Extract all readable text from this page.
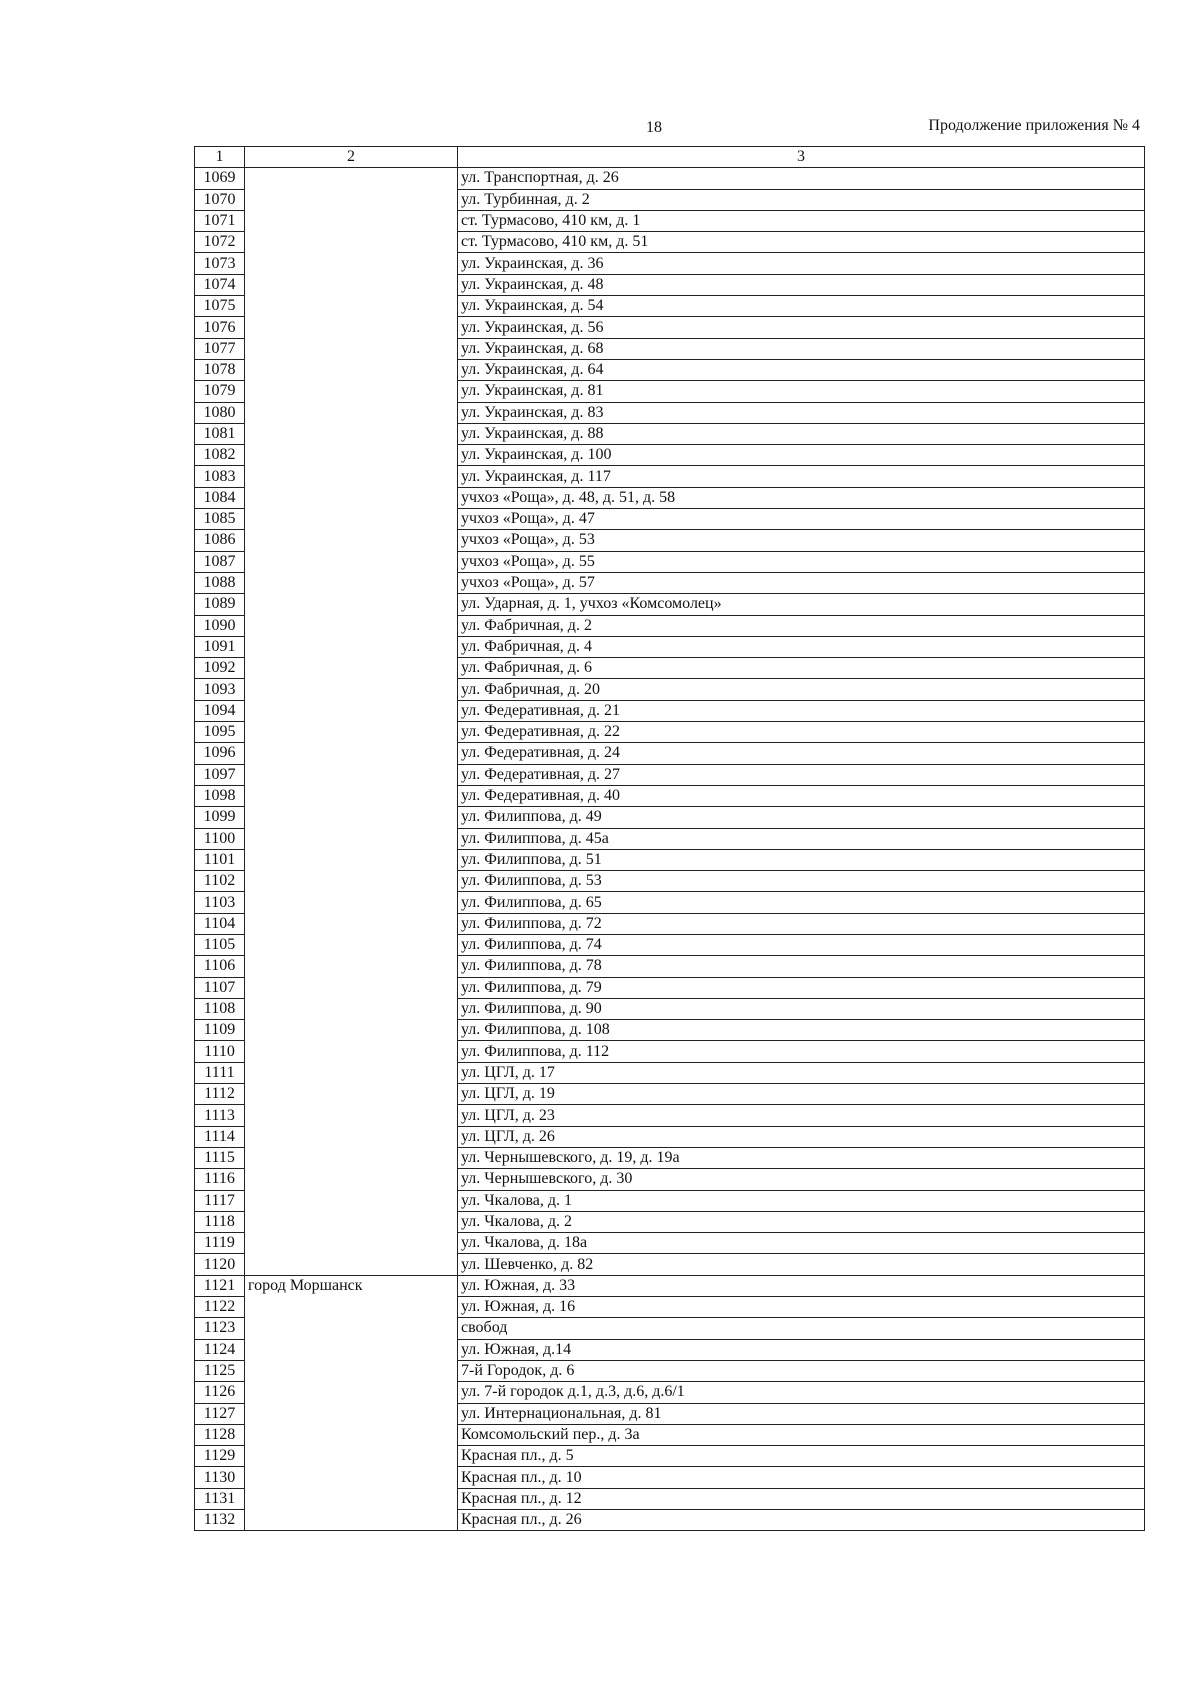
18	Продолжение приложения № 4
1	2	3
1069		ул. Транспортная, д. 26
1070		ул. Турбинная, д. 2
1071		ст. Турмасово, 410 км, д. 1
1072		ст. Турмасово, 410 км, д. 51
1073		ул. Украинская, д. 36
1074		ул. Украинская, д. 48
1075		ул. Украинская, д. 54
1076		ул. Украинская, д. 56
1077		ул. Украинская, д. 68
1078		ул. Украинская, д. 64
1079		ул. Украинская, д. 81
1080		ул. Украинская, д. 83
1081		ул. Украинская, д. 88
1082		ул. Украинская, д. 100
1083		ул. Украинская, д. 117
1084		учхоз «Роща», д. 48, д. 51, д. 58
1085		учхоз «Роща», д. 47
1086		учхоз «Роща», д. 53
1087		учхоз «Роща», д. 55
1088		учхоз «Роща», д. 57
1089		ул. Ударная, д. 1, учхоз «Комсомолец»
1090		ул. Фабричная, д. 2
1091		ул. Фабричная, д. 4
1092		ул. Фабричная, д. 6
1093		ул. Фабричная, д. 20
1094		ул. Федеративная, д. 21
1095		ул. Федеративная, д. 22
1096		ул. Федеративная, д. 24
1097		ул. Федеративная, д. 27
1098		ул. Федеративная, д. 40
1099		ул. Филиппова, д. 49
1100		ул. Филиппова, д. 45а
1101		ул. Филиппова, д. 51
1102		ул. Филиппова, д. 53
1103		ул. Филиппова, д. 65
1104		ул. Филиппова, д. 72
1105		ул. Филиппова, д. 74
1106		ул. Филиппова, д. 78
1107		ул. Филиппова, д. 79
1108		ул. Филиппова, д. 90
1109		ул. Филиппова, д. 108
1110		ул. Филиппова, д. 112
1111		ул. ЦГЛ, д. 17
1112		ул. ЦГЛ, д. 19
1113		ул. ЦГЛ, д. 23
1114		ул. ЦГЛ, д. 26
1115		ул. Чернышевского, д. 19, д. 19а
1116		ул. Чернышевского, д. 30
1117		ул. Чкалова, д. 1
1118		ул. Чкалова, д. 2
1119		ул. Чкалова, д. 18а
1120		ул. Шевченко, д. 82
1121	город Моршанск	ул. Южная, д. 33
1122		ул. Южная, д. 16
1123		свобод
1124		ул. Южная, д.14
1125		7-й Городок, д. 6
1126		ул. 7-й городок д.1, д.3, д.6, д.6/1
1127		ул. Интернациональная, д. 81
1128		Комсомольский пер., д. 3а
1129		Красная пл., д. 5
1130		Красная пл., д. 10
1131		Красная пл., д. 12
1132		Красная пл., д. 26
